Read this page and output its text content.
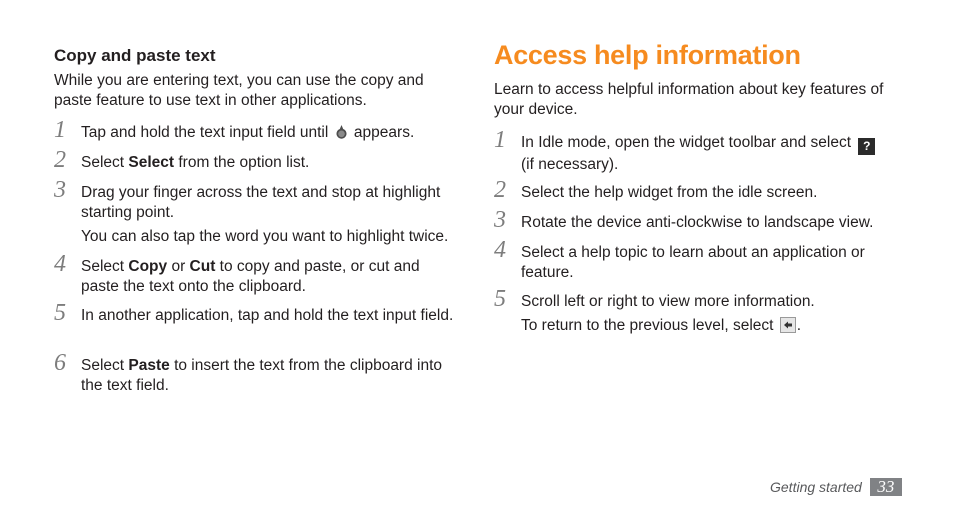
Copy and paste text
While you are entering text, you can use the copy and paste feature to use text in other applications.
1 Tap and hold the text input field until  appears.
2 Select Select from the option list.
3 Drag your finger across the text and stop at highlight starting point.
You can also tap the word you want to highlight twice.
4 Select Copy or Cut to copy and paste, or cut and paste the text onto the clipboard.
5 In another application, tap and hold the text input field.
6 Select Paste to insert the text from the clipboard into the text field.
Access help information
Learn to access helpful information about key features of your device.
1 In Idle mode, open the widget toolbar and select ? (if necessary).
2 Select the help widget from the idle screen.
3 Rotate the device anti-clockwise to landscape view.
4 Select a help topic to learn about an application or feature.
5 Scroll left or right to view more information.
To return to the previous level, select .
Getting started 33
